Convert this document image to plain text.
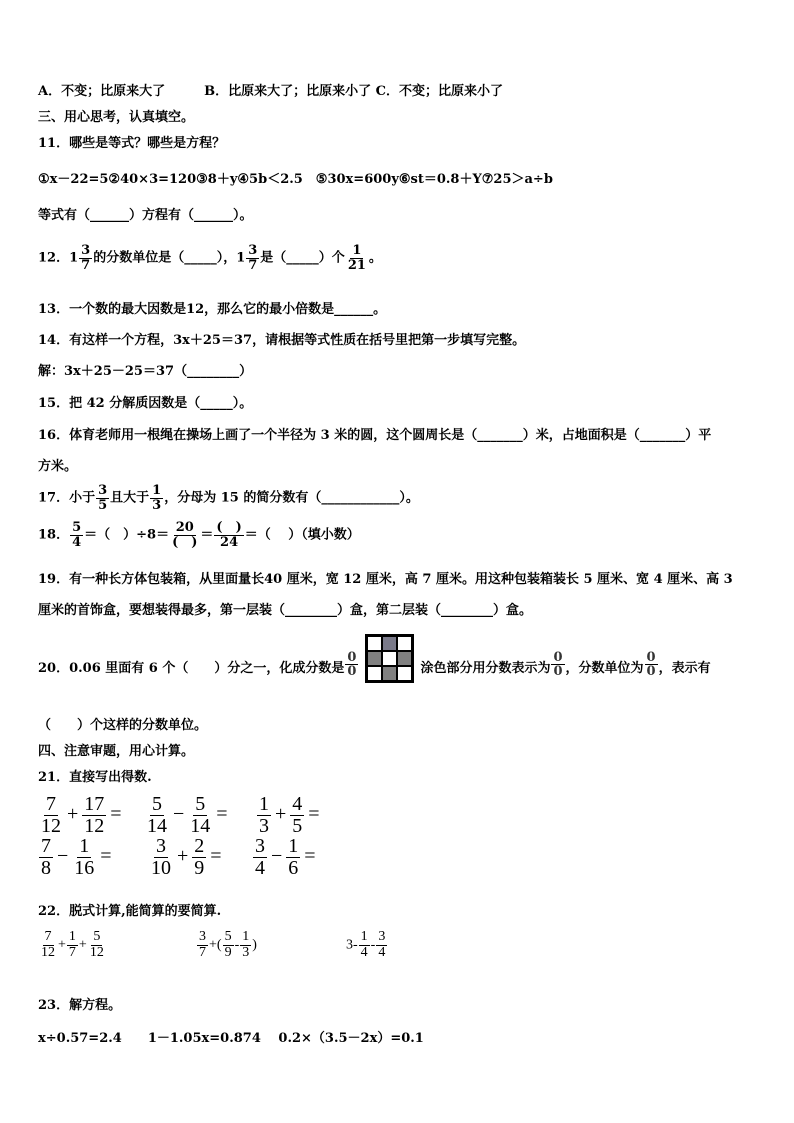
A．不变；比原来大了　　　B．比原来大了；比原来小了 C．不变；比原来小了
三、用心思考，认真填空。
11．哪些是等式？哪些是方程？
①x－22=5②40×3=120③8＋y④5b＜2.5　⑤30x=600y⑥st＝0.8＋Y⑦25＞a÷b
等式有（______）方程有（______）。
12．$1 \frac{3}{7}$ 的分数单位是（_____），$1 \frac{3}{7}$ 是（_____）个 $\frac{1}{21}$ 。
13．一个数的最大因数是12，那么它的最小倍数是______。
14．有这样一个方程，3x＋25＝37，请根据等式性质在括号里把第一步填写完整。
解：3x＋25－25＝37（________）
15．把 42 分解质因数是（_____）。
16．体育老师用一根绳在操场上画了一个半径为 3 米的圆，这个圆周长是（_______）米，占地面积是（_______）平
方米。
17．小于 $\frac{3}{5}$ 且大于 $\frac{1}{3}$ ，分母为 15 的简分数有（____________）。
18． $\frac{5}{4}$ ＝（　）$\div 8= \frac{20}{( )} = \frac{( )}{24}$ ＝（　 ）（填小数）
19．有一种长方体包装箱，从里面量长40 厘米，宽 12 厘米，高 7 厘米。用这种包装箱装长 5 厘米、宽 4 厘米、高 3
厘米的首饰盒，要想装得最多，第一层装（________）盒，第二层装（________）盒。
20．0.06 里面有 6 个（　　）分之一，化成分数是 $\frac{0}{0}$	涂色部分用分数表示为 $\frac{0}{0}$ ，分数单位为 $\frac{0}{0}$ ，表示有
（　　）个这样的分数单位。
四、注意审题，用心计算。
21．直接写出得数.
$\frac{7}{12} + \frac{17}{12} = \frac{5}{14} - \frac{5}{14} = \frac{1}{3} + \frac{4}{5}$ =
$\frac{7}{8} - \frac{1}{16} = \frac{3}{10} + \frac{2}{9} = \frac{3}{4} - \frac{1}{6}$ =
22．脱式计算,能简算的要简算.
$\frac{7}{12} + \frac{1}{7} + \frac{5}{12}$	$\frac{3}{7}$ +( $\frac{5}{9} - \frac{1}{3}$ )	$3- \frac{1}{4} - \frac{3}{4}$
23．解方程。
x÷0.57=2.4　　1－1.05x=0.874　 0.2×（3.5－2x）=0.1
